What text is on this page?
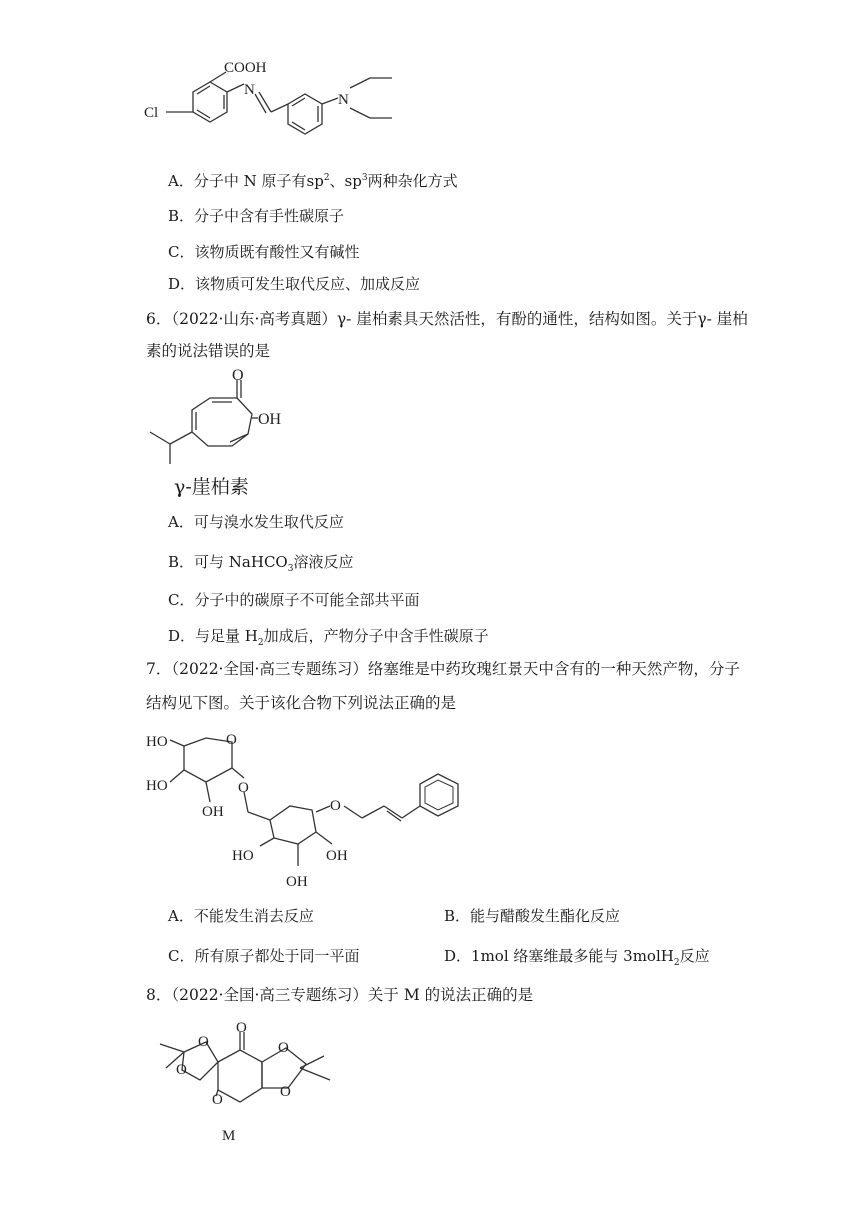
COOH
Cl
N
N
A．分子中 N 原子有$sp^2$、$sp^3$两种杂化方式
B．分子中含有手性碳原子
C．该物质既有酸性又有碱性
D．该物质可发生取代反应、加成反应
6．（2022·山东·高考真题）γ- 崖柏素具天然活性，有酚的通性，结构如图。关于γ- 崖柏
素的说法错误的是
O
OH
γ-崖柏素
A．可与溴水发生取代反应
B．可与 NaHCO$_3$溶液反应
C．分子中的碳原子不可能全部共平面
D．与足量 $H_2$加成后，产物分子中含手性碳原子
7．（2022·全国·高三专题练习）络塞维是中药玫瑰红景天中含有的一种天然产物，分子
结构见下图。关于该化合物下列说法正确的是
HO
HO
OH
O
O
O
HO	OH
OH
A．不能发生消去反应	B．能与醋酸发生酯化反应
C．所有原子都处于同一平面	D．1mol 络塞维最多能与 3molH$_2$反应
8．（2022·全国·高三专题练习）关于 M 的说法正确的是
O
O
O
O
O
O
M
